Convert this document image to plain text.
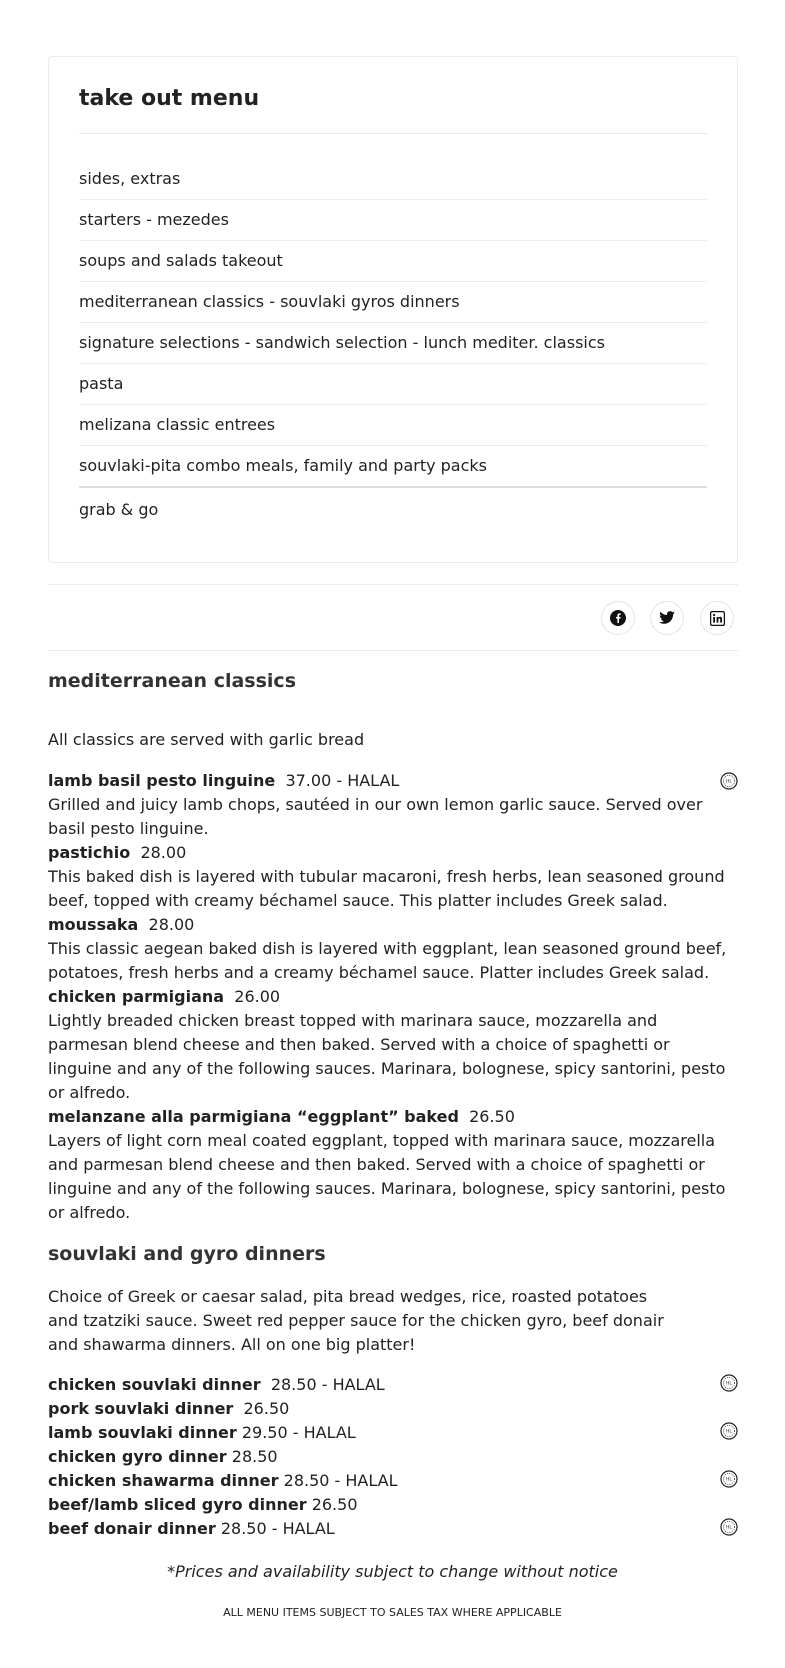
take out menu
sides, extras
starters - mezedes
soups and salads takeout
mediterranean classics - souvlaki gyros dinners
signature selections - sandwich selection - lunch mediter. classics
pasta
melizana classic entrees
souvlaki-pita combo meals, family and party packs
grab & go
mediterranean classics

All classics are served with garlic bread

lamb basil pesto linguine 37.00 - HALAL	HL

Grilled and juicy lamb chops, sautéed in our own lemon garlic sauce. Served over basil pesto linguine.

pastichio 28.00

This baked dish is layered with tubular macaroni, fresh herbs, lean seasoned ground beef, topped with creamy béchamel sauce. This platter includes Greek salad.

moussaka 28.00

This classic aegean baked dish is layered with eggplant, lean seasoned ground beef, potatoes, fresh herbs and a creamy béchamel sauce. Platter includes Greek salad.

chicken parmigiana 26.00

Lightly breaded chicken breast topped with marinara sauce, mozzarella and parmesan blend cheese and then baked. Served with a choice of spaghetti or linguine and any of the following sauces. Marinara, bolognese, spicy santorini, pesto or alfredo.

melanzane alla parmigiana “eggplant” baked 26.50

Layers of light corn meal coated eggplant, topped with marinara sauce, mozzarella and parmesan blend cheese and then baked. Served with a choice of spaghetti or linguine and any of the following sauces. Marinara, bolognese, spicy santorini, pesto or alfredo.

souvlaki and gyro dinners
Choice of Greek or caesar salad, pita bread wedges, rice, roasted potatoes
and tzatziki sauce. Sweet red pepper sauce for the chicken gyro, beef donair
and shawarma dinners. All on one big platter!
chicken souvlaki dinner 28.50 - HALAL	HL
pork souvlaki dinner 26.50
lamb souvlaki dinner 29.50 - HALAL	HL
chicken gyro dinner 28.50
chicken shawarma dinner 28.50 - HALAL	HL
beef/lamb sliced gyro dinner 26.50
beef donair dinner 28.50 - HALAL	HL
*Prices and availability subject to change without notice
ALL MENU ITEMS SUBJECT TO SALES TAX WHERE APPLICABLE
